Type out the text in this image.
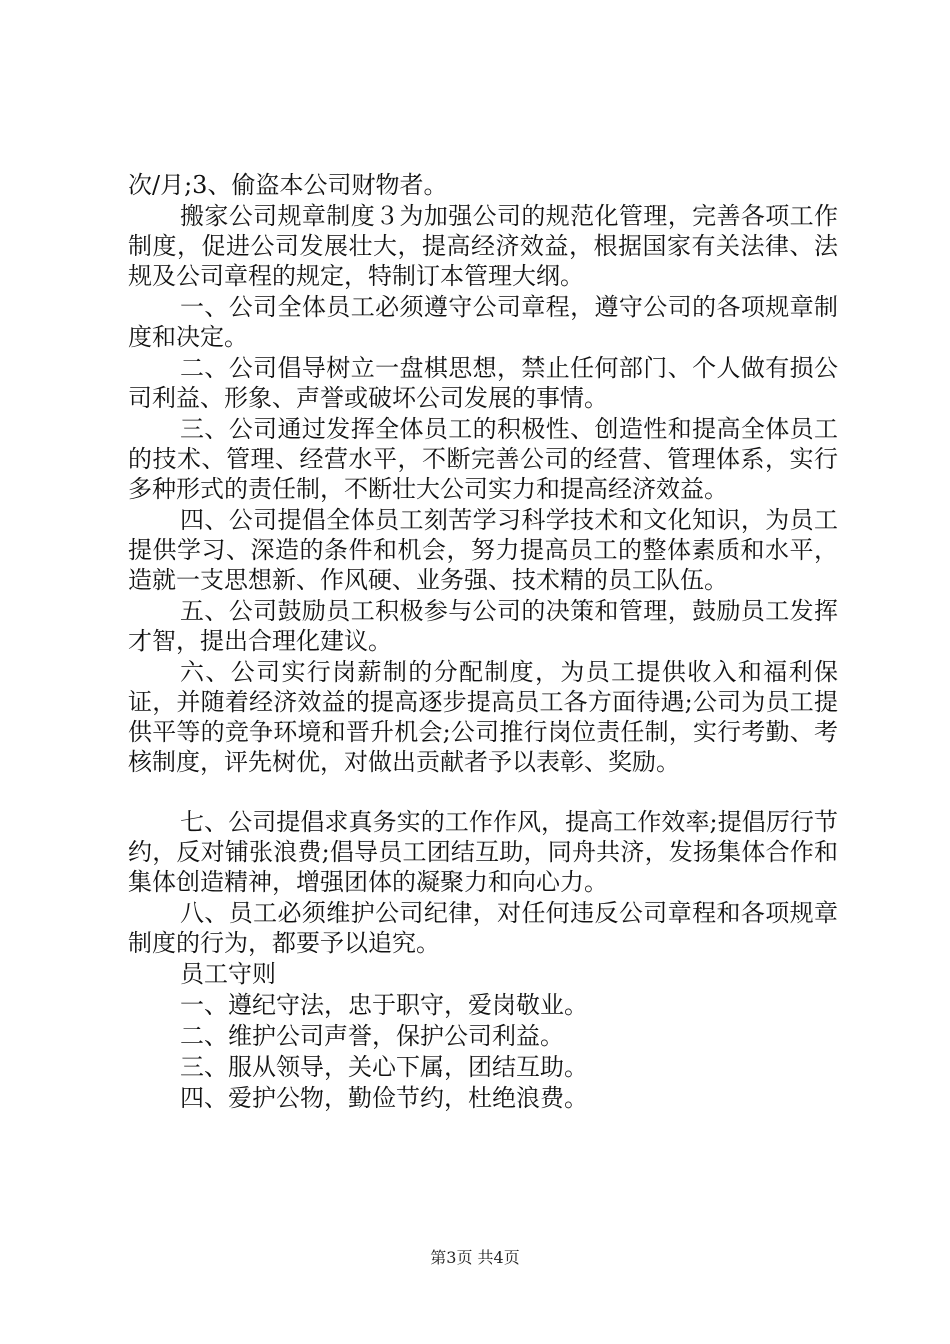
次/月;3、偷盗本公司财物者。

搬家公司规章制度３为加强公司的规范化管理，完善各项工作制度，促进公司发展壮大，提高经济效益，根据国家有关法律、法规及公司章程的规定，特制订本管理大纲。

一、公司全体员工必须遵守公司章程，遵守公司的各项规章制度和决定。

二、公司倡导树立一盘棋思想，禁止任何部门、个人做有损公司利益、形象、声誉或破坏公司发展的事情。

三、公司通过发挥全体员工的积极性、创造性和提高全体员工的技术、管理、经营水平，不断完善公司的经营、管理体系，实行多种形式的责任制，不断壮大公司实力和提高经济效益。

四、公司提倡全体员工刻苦学习科学技术和文化知识，为员工提供学习、深造的条件和机会，努力提高员工的整体素质和水平，造就一支思想新、作风硬、业务强、技术精的员工队伍。

五、公司鼓励员工积极参与公司的决策和管理，鼓励员工发挥才智，提出合理化建议。

六、公司实行岗薪制的分配制度，为员工提供收入和福利保证，并随着经济效益的提高逐步提高员工各方面待遇;公司为员工提供平等的竞争环境和晋升机会;公司推行岗位责任制，实行考勤、考核制度，评先树优，对做出贡献者予以表彰、奖励。

七、公司提倡求真务实的工作作风，提高工作效率;提倡厉行节约，反对铺张浪费;倡导员工团结互助，同舟共济，发扬集体合作和集体创造精神，增强团体的凝聚力和向心力。

八、员工必须维护公司纪律，对任何违反公司章程和各项规章制度的行为，都要予以追究。

员工守则

一、遵纪守法，忠于职守，爱岗敬业。

二、维护公司声誉，保护公司利益。

三、服从领导，关心下属，团结互助。

四、爱护公物，勤俭节约，杜绝浪费。

第3页 共4页
